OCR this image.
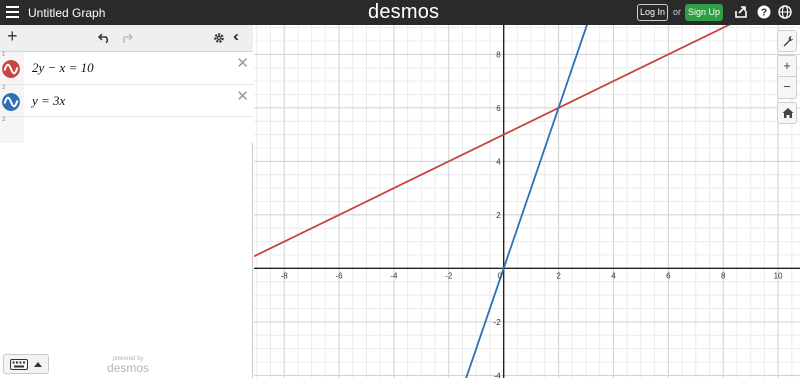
Untitled Graph	desmos	Log In or Sign Up	?
+	‹‹
1
2y − x = 10	✕
2
y = 3x	✕
3
powered by
desmos
-8	-6	-4	-2	0	2	4	6	8	10
8
6
4
2
-2
-4
+
−
